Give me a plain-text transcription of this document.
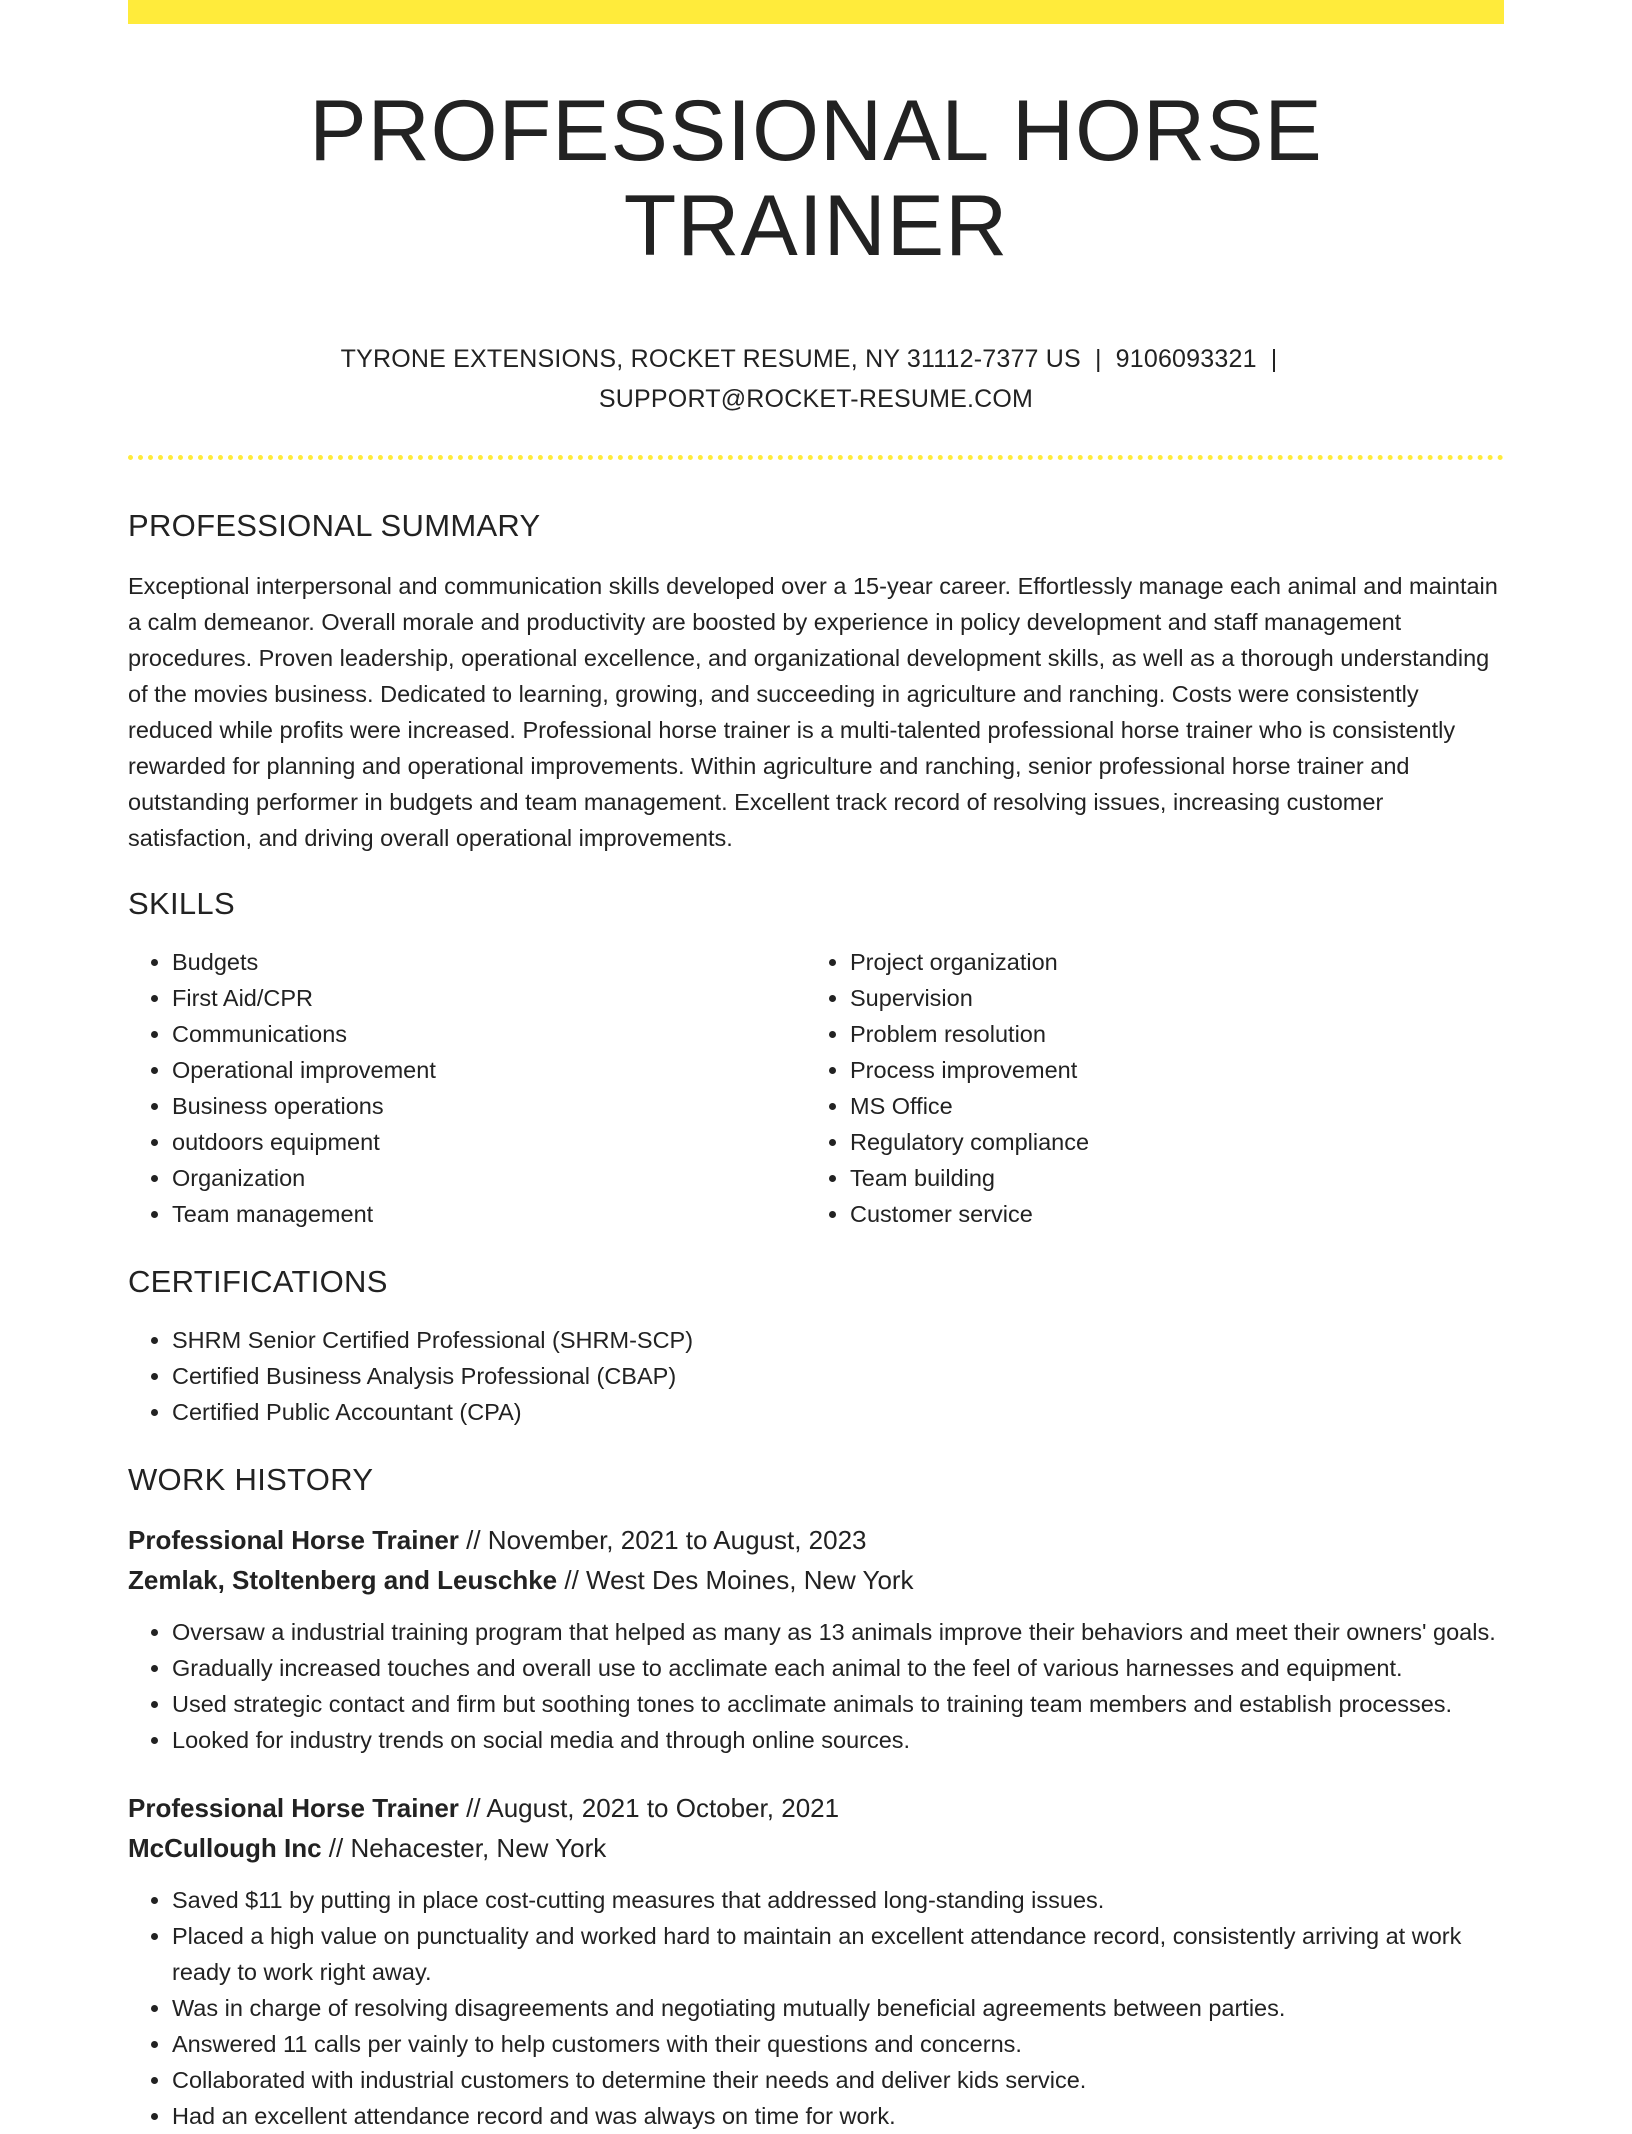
PROFESSIONAL HORSE TRAINER
TYRONE EXTENSIONS, ROCKET RESUME, NY 31112-7377 US | 9106093321 |
SUPPORT@ROCKET-RESUME.COM
PROFESSIONAL SUMMARY

Exceptional interpersonal and communication skills developed over a 15-year career. Effortlessly manage each animal and maintain a calm demeanor. Overall morale and productivity are boosted by experience in policy development and staff management procedures. Proven leadership, operational excellence, and organizational development skills, as well as a thorough understanding of the movies business. Dedicated to learning, growing, and succeeding in agriculture and ranching. Costs were consistently reduced while profits were increased. Professional horse trainer is a multi-talented professional horse trainer who is consistently rewarded for planning and operational improvements. Within agriculture and ranching, senior professional horse trainer and outstanding performer in budgets and team management. Excellent track record of resolving issues, increasing customer satisfaction, and driving overall operational improvements.

SKILLS
• Budgets
• First Aid/CPR
• Communications
• Operational improvement
• Business operations
• outdoors equipment
• Organization
• Team management
• Project organization
• Supervision
• Problem resolution
• Process improvement
• MS Office
• Regulatory compliance
• Team building
• Customer service
CERTIFICATIONS
• SHRM Senior Certified Professional (SHRM-SCP)
• Certified Business Analysis Professional (CBAP)
• Certified Public Accountant (CPA)
WORK HISTORY
Professional Horse Trainer // November, 2021 to August, 2023
Zemlak, Stoltenberg and Leuschke // West Des Moines, New York
• Oversaw a industrial training program that helped as many as 13 animals improve their behaviors and meet their owners' goals.
• Gradually increased touches and overall use to acclimate each animal to the feel of various harnesses and equipment.
• Used strategic contact and firm but soothing tones to acclimate animals to training team members and establish processes.
• Looked for industry trends on social media and through online sources.
Professional Horse Trainer // August, 2021 to October, 2021
McCullough Inc // Nehacester, New York
• Saved $11 by putting in place cost-cutting measures that addressed long-standing issues.
• Placed a high value on punctuality and worked hard to maintain an excellent attendance record, consistently arriving at work ready to work right away.
• Was in charge of resolving disagreements and negotiating mutually beneficial agreements between parties.
• Answered 11 calls per vainly to help customers with their questions and concerns.
• Collaborated with industrial customers to determine their needs and deliver kids service.
• Had an excellent attendance record and was always on time for work.
